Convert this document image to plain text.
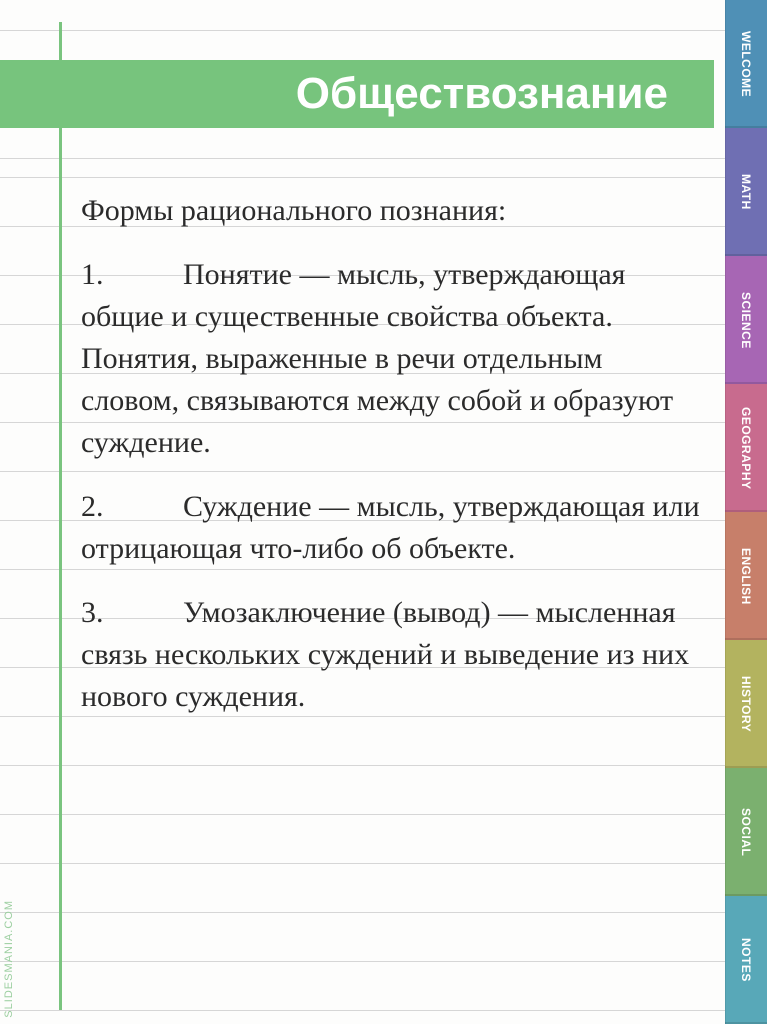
Обществознание

Формы рационального познания:

1.	Понятие — мысль, утверждающая общие и существенные свойства объекта. Понятия, выраженные в речи отдельным словом, связываются между собой и образуют суждение.

2.	Суждение — мысль, утверждающая или отрицающая что-либо об объекте.

3.	Умозаключение (вывод) — мысленная связь нескольких суждений и выведение из них нового суждения.

SLIDESMANIA.COM
WELCOME
MATH
SCIENCE
GEOGRAPHY
ENGLISH
HISTORY
SOCIAL
NOTES
